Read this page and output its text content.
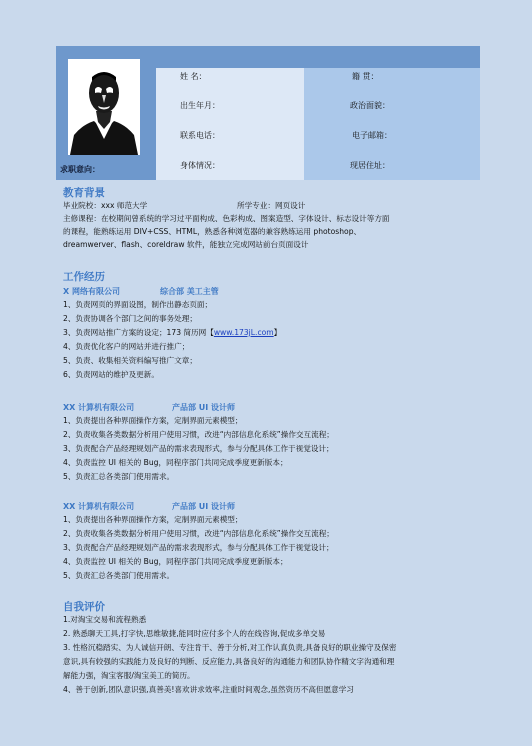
求职意向：
姓 名：	籍 贯：
出生年月：	政治面貌：
联系电话：	电子邮箱：
身体情况：	现居住址：
教育背景
毕业院校：xxx 师范大学	所学专业：网页设计
主修课程：在校期间曾系统的学习过平面构成、色彩构成、图案造型、字体设计、标志设计等方面
的课程，能熟练运用 DIV+CSS、HTML，熟悉各种浏览器的兼容熟练运用 photoshop、
dreamwerver、flash、coreldraw 软件，能独立完成网站前台页面设计
工作经历
X 网络有限公司	综合部 美工主管
1、负责网页的界面设图，制作出静态页面；
2、负责协调各个部门之间的事务处理；
3、负责网站推广方案的设定；173 简历网【www.173jL.com】
4、负责优化客户的网站并进行推广；
5、负责、收集相关资料编写推广文章；
6、负责网站的维护及更新。
XX 计算机有限公司	产品部 UI 设计师
1、负责提出各种界面操作方案，定制界面元素模型；
2、负责收集各类数据分析用户使用习惯，改进“内部信息化系统”操作交互流程；
3、负责配合产品经理规划产品的需求表现形式，参与分配具体工作于视觉设计；
4、负责监控 UI 相关的 Bug，同程序部门共同完成季度更新版本；
5、负责汇总各类部门使用需求。
XX 计算机有限公司	产品部 UI 设计师
1、负责提出各种界面操作方案，定制界面元素模型；
2、负责收集各类数据分析用户使用习惯，改进“内部信息化系统”操作交互流程；
3、负责配合产品经理规划产品的需求表现形式，参与分配具体工作于视觉设计；
4、负责监控 UI 相关的 Bug，同程序部门共同完成季度更新版本；
5、负责汇总各类部门使用需求。
自我评价
1.对淘宝交易和流程熟悉
2. 熟悉聊天工具,打字快,思维敏捷,能同时应付多个人的在线咨询,促成多单交易
3. 性格沉稳踏实、为人诚信开朗、专注肯干、善于分析,对工作认真负责,具备良好的职业操守及保密
意识,具有较强的实践能力及良好的判断、反应能力,具备良好的沟通能力和团队协作精文字沟通和理
解能力强，淘宝客服/淘宝美工的简历。
4、善于创新,团队意识强,真善美!喜欢讲求效率,注重时间观念,虽然资历不高但愿意学习
